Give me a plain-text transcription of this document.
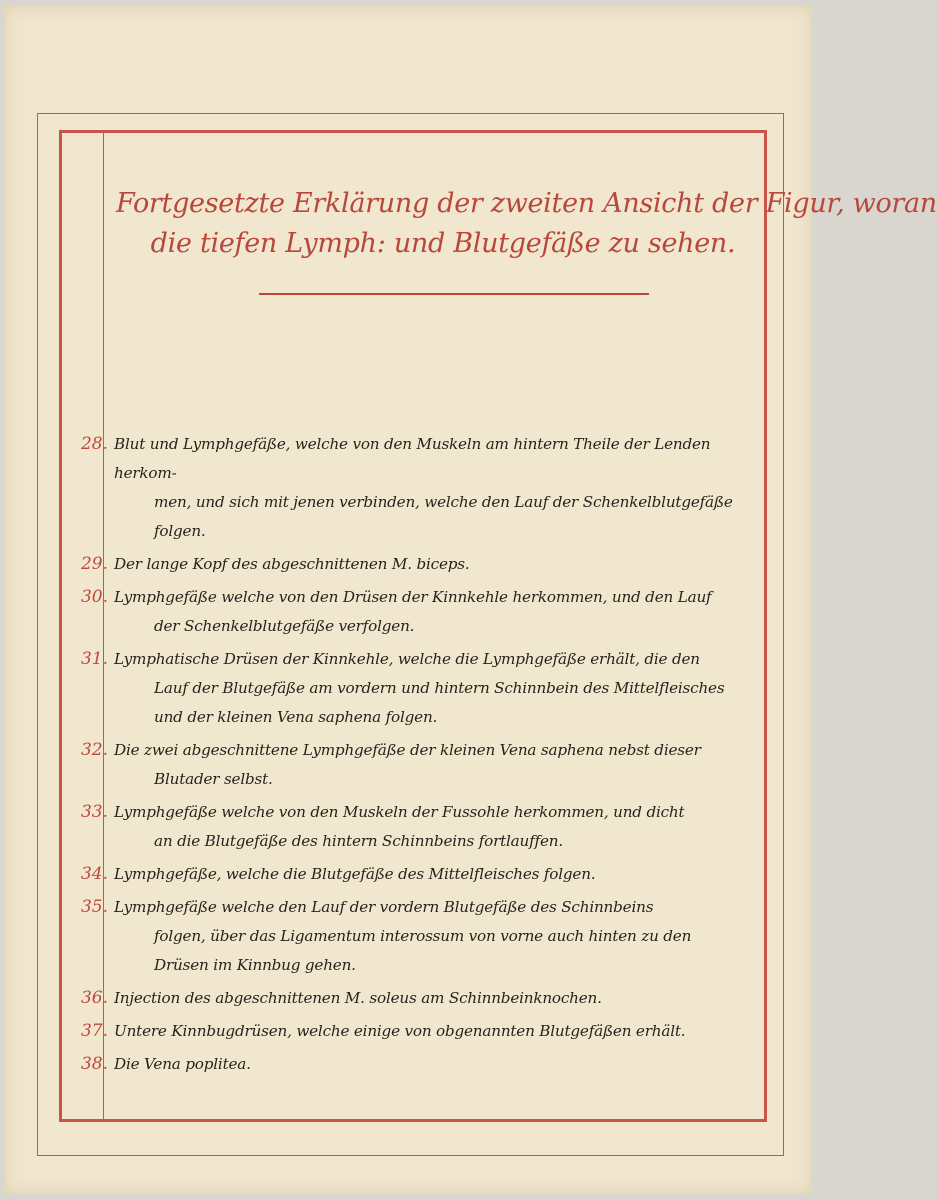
Fortgesetzte Erklärung der zweiten Ansicht der Figur, woran
die tiefen Lymph: und Blutgefäße zu sehen.
28. Blut und Lymphgefäße, welche von den Muskeln am hintern Theile der Lenden herkom-
men, und sich mit jenen verbinden, welche den Lauf der Schenkelblutgefäße folgen.
29. Der lange Kopf des abgeschnittenen M. biceps.
30. Lymphgefäße welche von den Drüsen der Kinnkehle herkommen, und den Lauf
der Schenkelblutgefäße verfolgen.
31. Lymphatische Drüsen der Kinnkehle, welche die Lymphgefäße erhält, die den
Lauf der Blutgefäße am vordern und hintern Schinnbein des Mittelfleisches
und der kleinen Vena saphena folgen.
32. Die zwei abgeschnittene Lymphgefäße der kleinen Vena saphena nebst dieser
Blutader selbst.
33. Lymphgefäße welche von den Muskeln der Fussohle herkommen, und dicht
an die Blutgefäße des hintern Schinnbeins fortlauffen.
34. Lymphgefäße, welche die Blutgefäße des Mittelfleisches folgen.
35. Lymphgefäße welche den Lauf der vordern Blutgefäße des Schinnbeins
folgen, über das Ligamentum interossum von vorne auch hinten zu den
Drüsen im Kinnbug gehen.
36. Injection des abgeschnittenen M. soleus am Schinnbeinknochen.
37. Untere Kinnbugdrüsen, welche einige von obgenannten Blutgefäßen erhält.
38. Die Vena poplitea.
